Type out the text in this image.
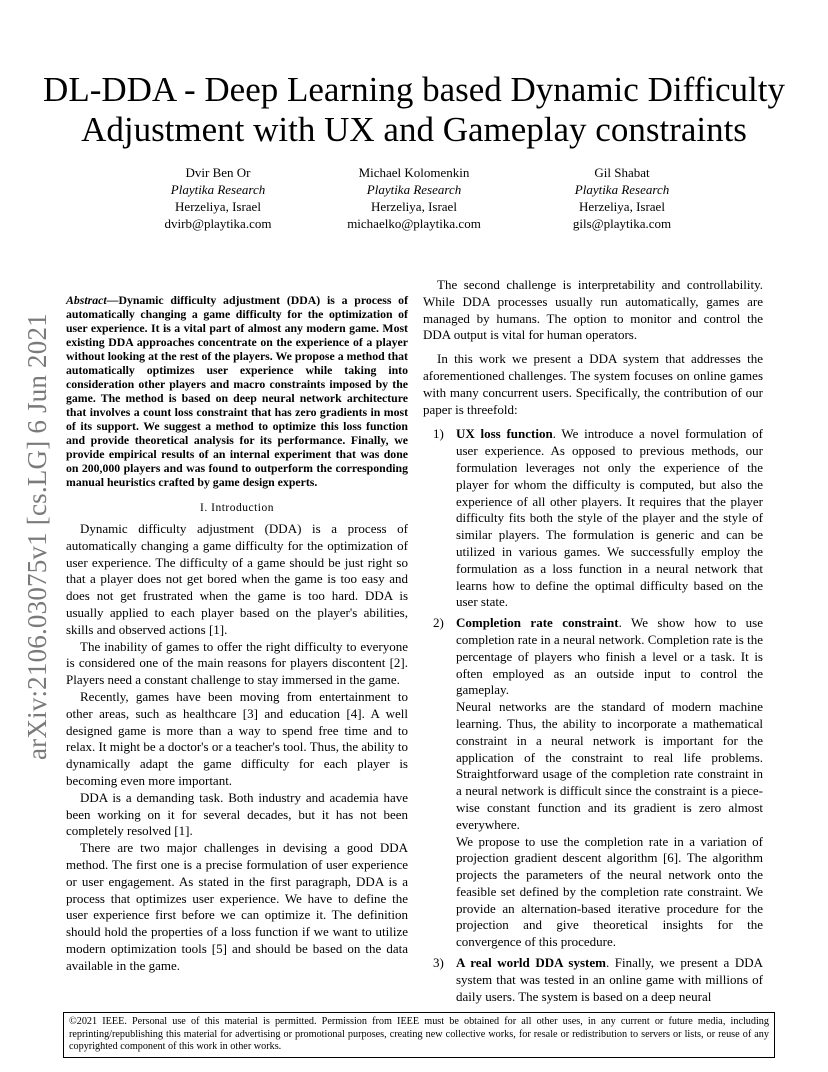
DL-DDA - Deep Learning based Dynamic Difficulty
Adjustment with UX and Gameplay constraints
Dvir Ben Or
Playtika Research
Herzeliya, Israel
dvirb@playtika.com
Michael Kolomenkin
Playtika Research
Herzeliya, Israel
michaelko@playtika.com
Gil Shabat
Playtika Research
Herzeliya, Israel
gils@playtika.com
arXiv:2106.03075v1 [cs.LG] 6 Jun 2021
Abstract—Dynamic difficulty adjustment (DDA) is a process of automatically changing a game difficulty for the optimization of user experience. It is a vital part of almost any modern game. Most existing DDA approaches concentrate on the experience of a player without looking at the rest of the players. We propose a method that automatically optimizes user experience while taking into consideration other players and macro constraints imposed by the game. The method is based on deep neural network architecture that involves a count loss constraint that has zero gradients in most of its support. We suggest a method to optimize this loss function and provide theoretical analysis for its performance. Finally, we provide empirical results of an internal experiment that was done on 200,000 players and was found to outperform the corresponding manual heuristics crafted by game design experts.
I. Introduction

Dynamic difficulty adjustment (DDA) is a process of automatically changing a game difficulty for the optimization of user experience. The difficulty of a game should be just right so that a player does not get bored when the game is too easy and does not get frustrated when the game is too hard. DDA is usually applied to each player based on the player's abilities, skills and observed actions [1].

The inability of games to offer the right difficulty to everyone is considered one of the main reasons for players discontent [2]. Players need a constant challenge to stay immersed in the game.

Recently, games have been moving from entertainment to other areas, such as healthcare [3] and education [4]. A well designed game is more than a way to spend free time and to relax. It might be a doctor's or a teacher's tool. Thus, the ability to dynamically adapt the game difficulty for each player is becoming even more important.

DDA is a demanding task. Both industry and academia have been working on it for several decades, but it has not been completely resolved [1].

There are two major challenges in devising a good DDA method. The first one is a precise formulation of user experience or user engagement. As stated in the first paragraph, DDA is a process that optimizes user experience. We have to define the user experience first before we can optimize it. The definition should hold the properties of a loss function if we want to utilize modern optimization tools [5] and should be based on the data available in the game.

The second challenge is interpretability and controllability. While DDA processes usually run automatically, games are managed by humans. The option to monitor and control the DDA output is vital for human operators.

In this work we present a DDA system that addresses the aforementioned challenges. The system focuses on online games with many concurrent users. Specifically, the contribution of our paper is threefold:

1) UX loss function. We introduce a novel formulation of user experience. As opposed to previous methods, our formulation leverages not only the experience of the player for whom the difficulty is computed, but also the experience of all other players. It requires that the player difficulty fits both the style of the player and the style of similar players. The formulation is generic and can be utilized in various games. We successfully employ the formulation as a loss function in a neural network that learns how to define the optimal difficulty based on the user state.
2) Completion rate constraint. We show how to use completion rate in a neural network. Completion rate is the percentage of players who finish a level or a task. It is often employed as an outside input to control the gameplay.
Neural networks are the standard of modern machine learning. Thus, the ability to incorporate a mathematical constraint in a neural network is important for the application of the constraint to real life problems. Straightforward usage of the completion rate constraint in a neural network is difficult since the constraint is a piece-wise constant function and its gradient is zero almost everywhere.
We propose to use the completion rate in a variation of projection gradient descent algorithm [6]. The algorithm projects the parameters of the neural network onto the feasible set defined by the completion rate constraint. We provide an alternation-based iterative procedure for the projection and give theoretical insights for the convergence of this procedure.
3) A real world DDA system. Finally, we present a DDA system that was tested in an online game with millions of daily users. The system is based on a deep neural
©2021 IEEE. Personal use of this material is permitted. Permission from IEEE must be obtained for all other uses, in any current or future media, including reprinting/republishing this material for advertising or promotional purposes, creating new collective works, for resale or redistribution to servers or lists, or reuse of any copyrighted component of this work in other works.
